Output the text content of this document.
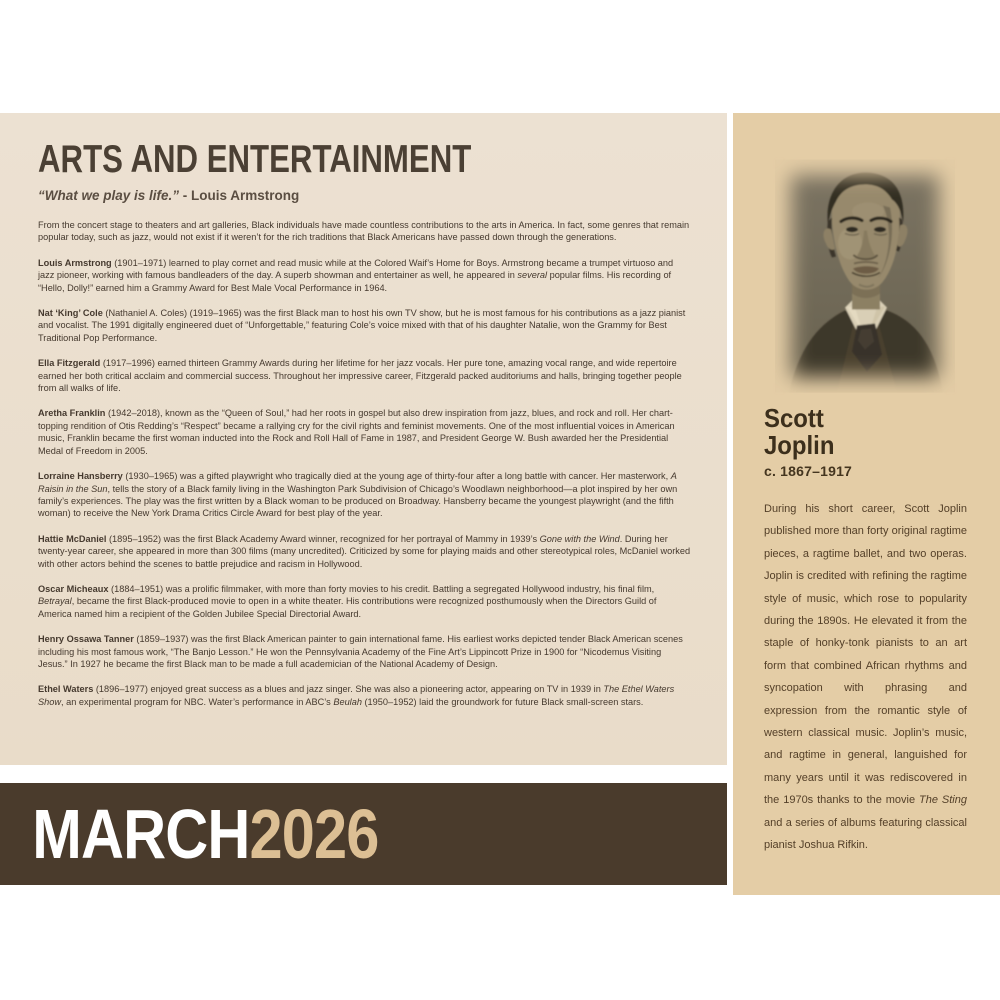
ARTS AND ENTERTAINMENT
“What we play is life.” - Louis Armstrong

From the concert stage to theaters and art galleries, Black individuals have made countless contributions to the arts in America. In fact, some genres that remain popular today, such as jazz, would not exist if it weren’t for the rich traditions that Black Americans have passed down through the generations.

Louis Armstrong (1901–1971) learned to play cornet and read music while at the Colored Waif’s Home for Boys. Armstrong became a trumpet virtuoso and jazz pioneer, working with famous bandleaders of the day. A superb showman and entertainer as well, he appeared in several popular films. His recording of “Hello, Dolly!” earned him a Grammy Award for Best Male Vocal Performance in 1964.

Nat ‘King’ Cole (Nathaniel A. Coles) (1919–1965) was the first Black man to host his own TV show, but he is most famous for his contributions as a jazz pianist and vocalist. The 1991 digitally engineered duet of “Unforgettable,” featuring Cole’s voice mixed with that of his daughter Natalie, won the Grammy for Best Traditional Pop Performance.

Ella Fitzgerald (1917–1996) earned thirteen Grammy Awards during her lifetime for her jazz vocals. Her pure tone, amazing vocal range, and wide repertoire earned her both critical acclaim and commercial success. Throughout her impressive career, Fitzgerald packed auditoriums and halls, bringing together people from all walks of life.

Aretha Franklin (1942–2018), known as the “Queen of Soul,” had her roots in gospel but also drew inspiration from jazz, blues, and rock and roll. Her chart-topping rendition of Otis Redding’s “Respect” became a rallying cry for the civil rights and feminist movements. One of the most influential voices in American music, Franklin became the first woman inducted into the Rock and Roll Hall of Fame in 1987, and President George W. Bush awarded her the Presidential Medal of Freedom in 2005.

Lorraine Hansberry (1930–1965) was a gifted playwright who tragically died at the young age of thirty-four after a long battle with cancer. Her masterwork, A Raisin in the Sun, tells the story of a Black family living in the Washington Park Subdivision of Chicago’s Woodlawn neighborhood—a plot inspired by her own family’s experiences. The play was the first written by a Black woman to be produced on Broadway. Hansberry became the youngest playwright (and the fifth woman) to receive the New York Drama Critics Circle Award for best play of the year.

Hattie McDaniel (1895–1952) was the first Black Academy Award winner, recognized for her portrayal of Mammy in 1939’s Gone with the Wind. During her twenty-year career, she appeared in more than 300 films (many uncredited). Criticized by some for playing maids and other stereotypical roles, McDaniel worked with other actors behind the scenes to battle prejudice and racism in Hollywood.

Oscar Micheaux (1884–1951) was a prolific filmmaker, with more than forty movies to his credit. Battling a segregated Hollywood industry, his final film, Betrayal, became the first Black-produced movie to open in a white theater. His contributions were recognized posthumously when the Directors Guild of America named him a recipient of the Golden Jubilee Special Directorial Award.

Henry Ossawa Tanner (1859–1937) was the first Black American painter to gain international fame. His earliest works depicted tender Black American scenes including his most famous work, “The Banjo Lesson.” He won the Pennsylvania Academy of the Fine Art’s Lippincott Prize in 1900 for “Nicodemus Visiting Jesus.” In 1927 he became the first Black man to be made a full academician of the National Academy of Design.

Ethel Waters (1896–1977) enjoyed great success as a blues and jazz singer. She was also a pioneering actor, appearing on TV in 1939 in The Ethel Waters Show, an experimental program for NBC. Water’s performance in ABC’s Beulah (1950–1952) laid the groundwork for future Black small-screen stars.

MARCH2026
Scott
Joplin
c. 1867–1917

During his short career, Scott Joplin published more than forty original ragtime pieces, a ragtime ballet, and two operas. Joplin is credited with refining the ragtime style of music, which rose to popularity during the 1890s. He elevated it from the staple of honky-tonk pianists to an art form that combined African rhythms and syncopation with phrasing and expression from the romantic style of western classical music. Joplin’s music, and ragtime in general, languished for many years until it was rediscovered in the 1970s thanks to the movie The Sting and a series of albums featuring classical pianist Joshua Rifkin.
